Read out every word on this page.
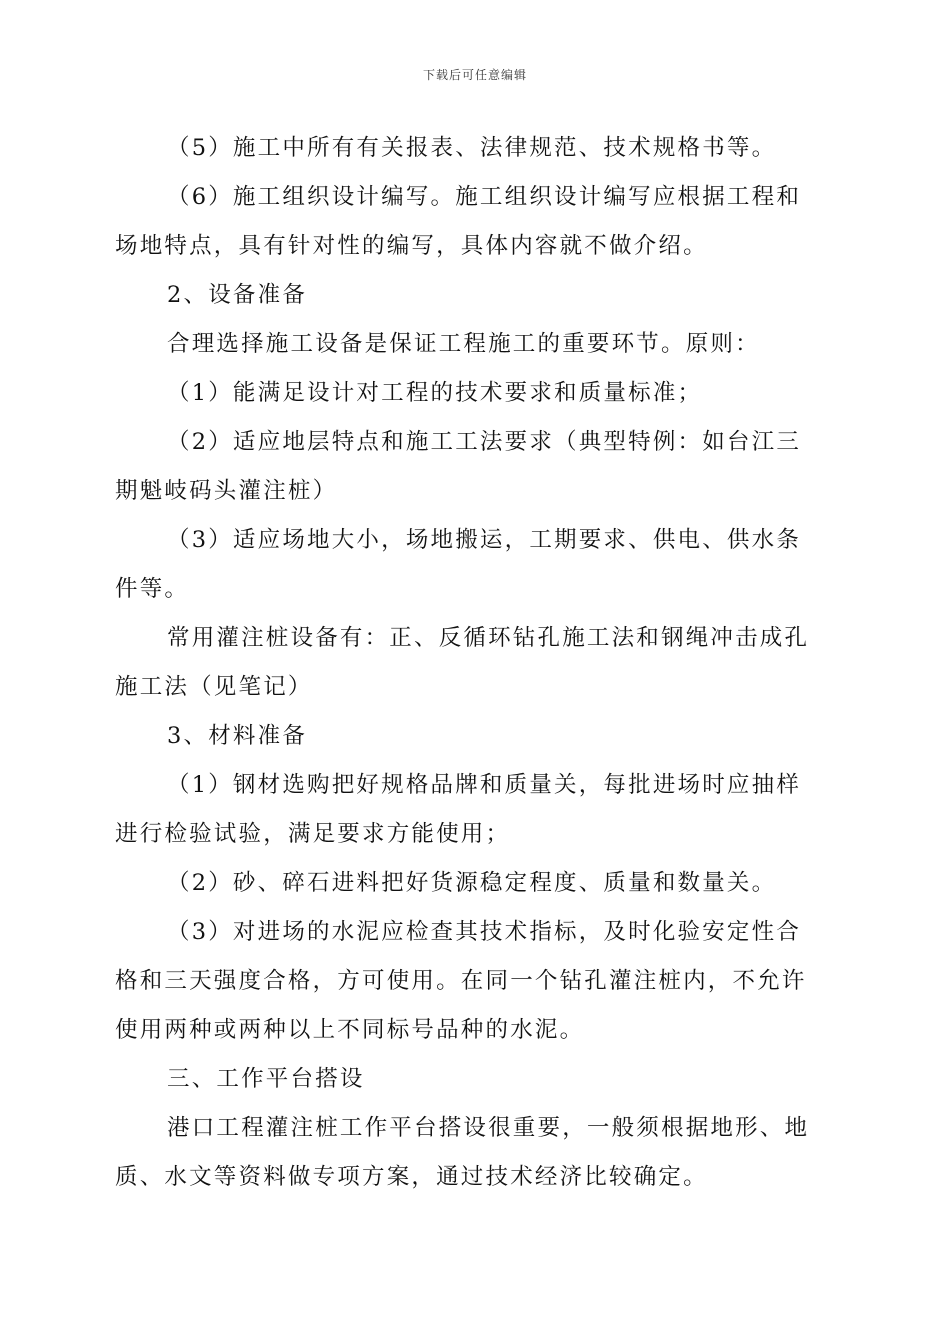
下载后可任意编辑
（5）施工中所有有关报表、法律规范、技术规格书等。
（6）施工组织设计编写。施工组织设计编写应根据工程和
场地特点，具有针对性的编写，具体内容就不做介绍。
2、设备准备
合理选择施工设备是保证工程施工的重要环节。原则：
（1）能满足设计对工程的技术要求和质量标准；
（2）适应地层特点和施工工法要求（典型特例：如台江三
期魁岐码头灌注桩）
（3）适应场地大小，场地搬运，工期要求、供电、供水条
件等。
常用灌注桩设备有：正、反循环钻孔施工法和钢绳冲击成孔
施工法（见笔记）
3、材料准备
（1）钢材选购把好规格品牌和质量关，每批进场时应抽样
进行检验试验，满足要求方能使用；
（2）砂、碎石进料把好货源稳定程度、质量和数量关。
（3）对进场的水泥应检查其技术指标，及时化验安定性合
格和三天强度合格，方可使用。在同一个钻孔灌注桩内，不允许
使用两种或两种以上不同标号品种的水泥。
三、工作平台搭设
港口工程灌注桩工作平台搭设很重要，一般须根据地形、地
质、水文等资料做专项方案，通过技术经济比较确定。
